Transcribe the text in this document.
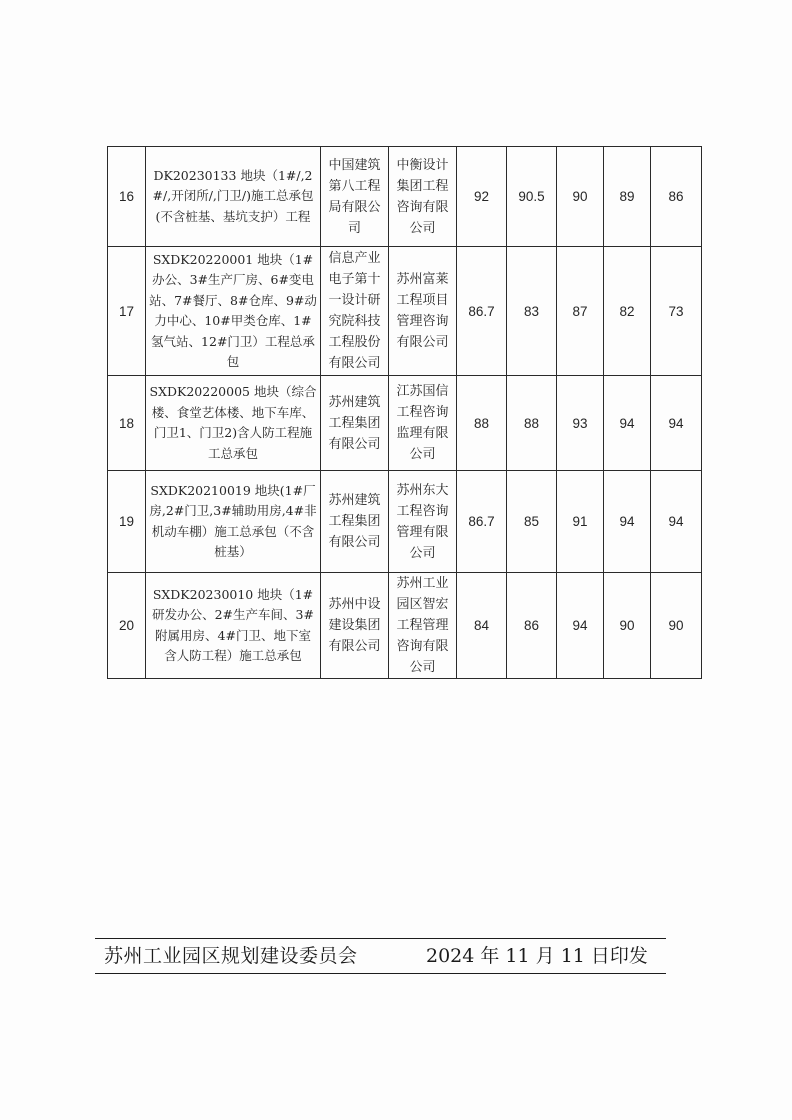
16	DK20230133 地块（1#/,2#/,开闭所/,门卫/)施工总承包(不含桩基、基坑支护）工程	中国建筑第八工程局有限公司	中衡设计集团工程咨询有限公司	92	90.5	90	89	86
17	SXDK20220001 地块（1#办公、3#生产厂房、6#变电站、7#餐厅、8#仓库、9#动力中心、10#甲类仓库、1#氢气站、12#门卫）工程总承包	信息产业电子第十一设计研究院科技工程股份有限公司	苏州富莱工程项目管理咨询有限公司	86.7	83	87	82	73
18	SXDK20220005 地块（综合楼、食堂艺体楼、地下车库、门卫1、门卫2)含人防工程施工总承包	苏州建筑工程集团有限公司	江苏国信工程咨询监理有限公司	88	88	93	94	94
19	SXDK20210019 地块(1#厂房,2#门卫,3#辅助用房,4#非机动车棚）施工总承包（不含桩基）	苏州建筑工程集团有限公司	苏州东大工程咨询管理有限公司	86.7	85	91	94	94
20	SXDK20230010 地块（1#研发办公、2#生产车间、3#附属用房、4#门卫、地下室含人防工程）施工总承包	苏州中设建设集团有限公司	苏州工业园区智宏工程管理咨询有限公司	84	86	94	90	90
苏州工业园区规划建设委员会	2024 年 11 月 11 日印发
